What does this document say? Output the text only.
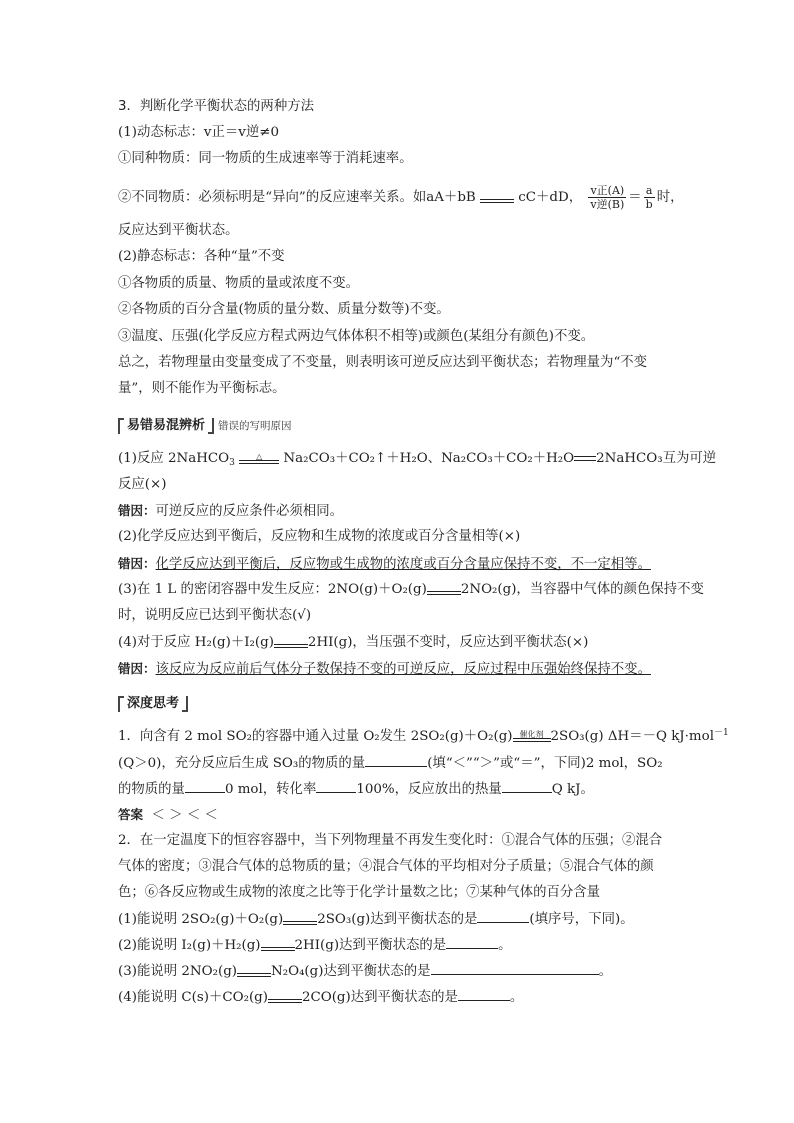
3．判断化学平衡状态的两种方法
(1)动态标志：v正＝v逆≠0
①同种物质：同一物质的生成速率等于消耗速率。
②不同物质：必须标明是“异向”的反应速率关系。如aA＋bB	cC＋dD， $\frac{\text{v正(A)}}{\text{v逆(B)}} = \frac{a}{b}$ 时，
反应达到平衡状态。
(2)静态标志：各种“量”不变
①各物质的质量、物质的量或浓度不变。
②各物质的百分含量(物质的量分数、质量分数等)不变。
③温度、压强(化学反应方程式两边气体体积不相等)或颜色(某组分有颜色)不变。
总之，若物理量由变量变成了不变量，则表明该可逆反应达到平衡状态；若物理量为“不变
量”，则不能作为平衡标志。
易错易混辨析 错误的写明原因
(1)反应 2NaHCO$_3$
△	Na₂CO₃＋CO₂↑＋H₂O、Na₂CO₃＋CO₂＋H₂O 2NaHCO₃互为可逆
反应(×)
错因：可逆反应的反应条件必须相同。
(2)化学反应达到平衡后，反应物和生成物的浓度或百分含量相等(×)
错因：化学反应达到平衡后，反应物或生成物的浓度或百分含量应保持不变，不一定相等。
(3)在 1 L 的密闭容器中发生反应：2NO(g)＋O₂(g)	2NO₂(g)，当容器中气体的颜色保持不变
时，说明反应已达到平衡状态(√)
(4)对于反应 H₂(g)＋I₂(g)	2HI(g)，当压强不变时，反应达到平衡状态(×)
错因：该反应为反应前后气体分子数保持不变的可逆反应，反应过程中压强始终保持不变。
深度思考
1．向含有 2 mol SO₂的容器中通入过量 O₂发生 2SO₂(g)＋O₂(g) 催化剂 2SO₃(g) ΔH＝－Q kJ·mol$^{-1}$
(Q＞0)，充分反应后生成 SO₃的物质的量	(填“＜”“＞”或“＝”，下同)2 mol，SO₂
的物质的量	0 mol，转化率	100%，反应放出的热量	Q kJ。
答案 ＜ ＞ ＜ ＜
2．在一定温度下的恒容容器中，当下列物理量不再发生变化时：①混合气体的压强；②混合
气体的密度；③混合气体的总物质的量；④混合气体的平均相对分子质量；⑤混合气体的颜
色；⑥各反应物或生成物的浓度之比等于化学计量数之比；⑦某种气体的百分含量
(1)能说明 2SO₂(g)＋O₂(g)	2SO₃(g)达到平衡状态的是	(填序号，下同)。
(2)能说明 I₂(g)＋H₂(g)	2HI(g)达到平衡状态的是	。
(3)能说明 2NO₂(g)	N₂O₄(g)达到平衡状态的是	。
(4)能说明 C(s)＋CO₂(g)	2CO(g)达到平衡状态的是	。
